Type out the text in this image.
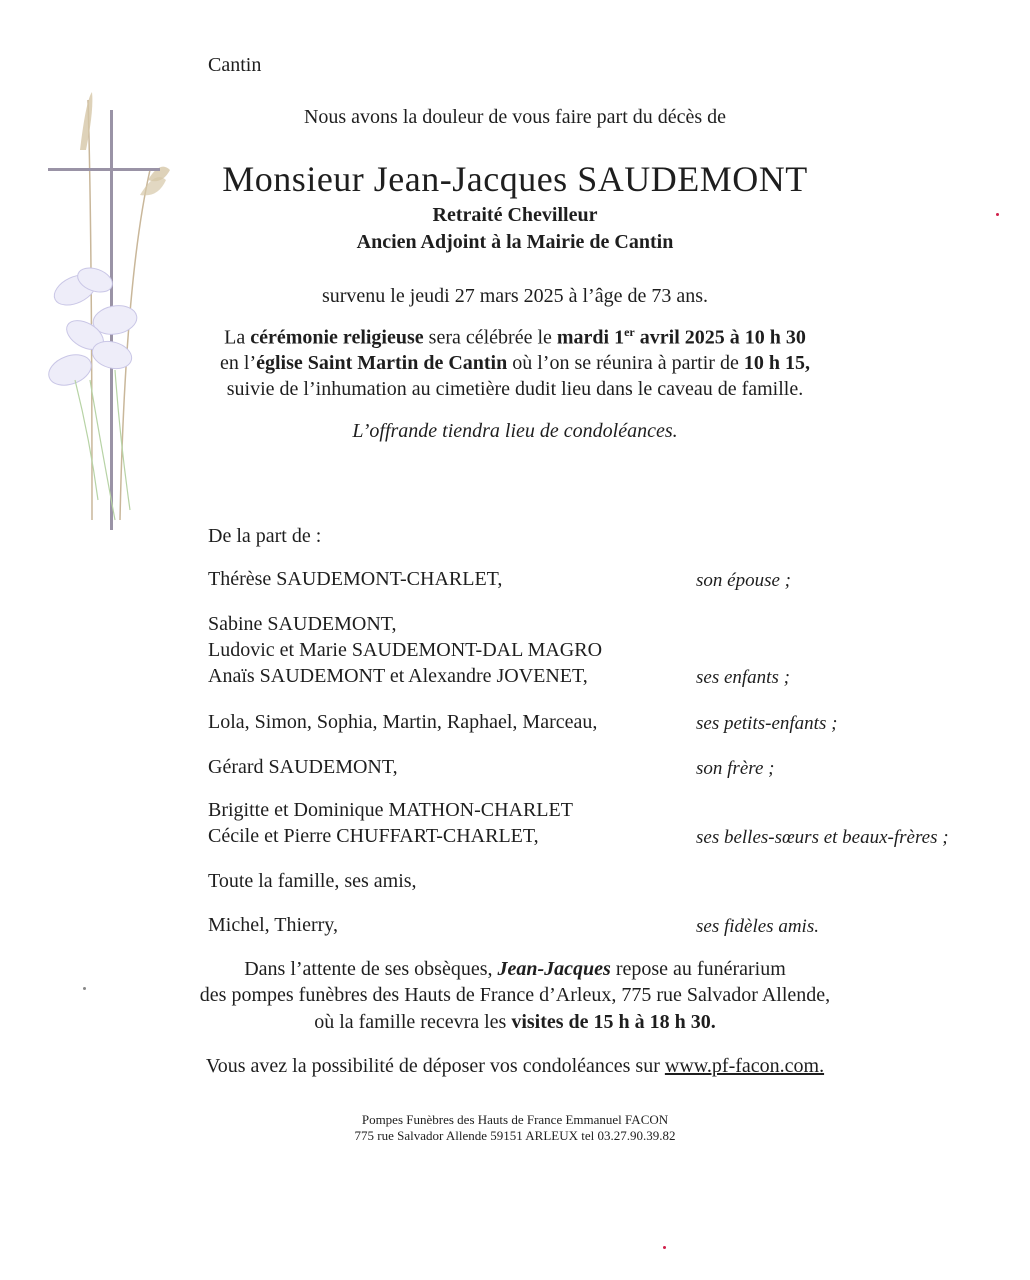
Cantin
Nous avons la douleur de vous faire part du décès de
Monsieur Jean-Jacques SAUDEMONT
Retraité Chevilleur
Ancien Adjoint à la Mairie de Cantin
survenu le jeudi 27 mars 2025 à l’âge de 73 ans.
La cérémonie religieuse sera célébrée le mardi 1er avril 2025 à 10 h 30
en l’église Saint Martin de Cantin où l’on se réunira à partir de 10 h 15,
suivie de l’inhumation au cimetière dudit lieu dans le caveau de famille.
L’offrande tiendra lieu de condoléances.
De la part de :
Thérèse SAUDEMONT-CHARLET,	son épouse ;
Sabine SAUDEMONT,
Ludovic et Marie SAUDEMONT-DAL MAGRO
Anaïs SAUDEMONT et Alexandre JOVENET,	ses enfants ;
Lola, Simon, Sophia, Martin, Raphael, Marceau,	ses petits-enfants ;
Gérard SAUDEMONT,	son frère ;
Brigitte et Dominique MATHON-CHARLET
Cécile et Pierre CHUFFART-CHARLET,	ses belles-sœurs et beaux-frères ;
Toute la famille, ses amis,
Michel, Thierry,	ses fidèles amis.
Dans l’attente de ses obsèques, Jean-Jacques repose au funérarium
des pompes funèbres des Hauts de France d’Arleux, 775 rue Salvador Allende,
où la famille recevra les visites de 15 h à 18 h 30.
Vous avez la possibilité de déposer vos condoléances sur www.pf-facon.com.
Pompes Funèbres des Hauts de France Emmanuel FACON
775 rue Salvador Allende 59151 ARLEUX tel 03.27.90.39.82
